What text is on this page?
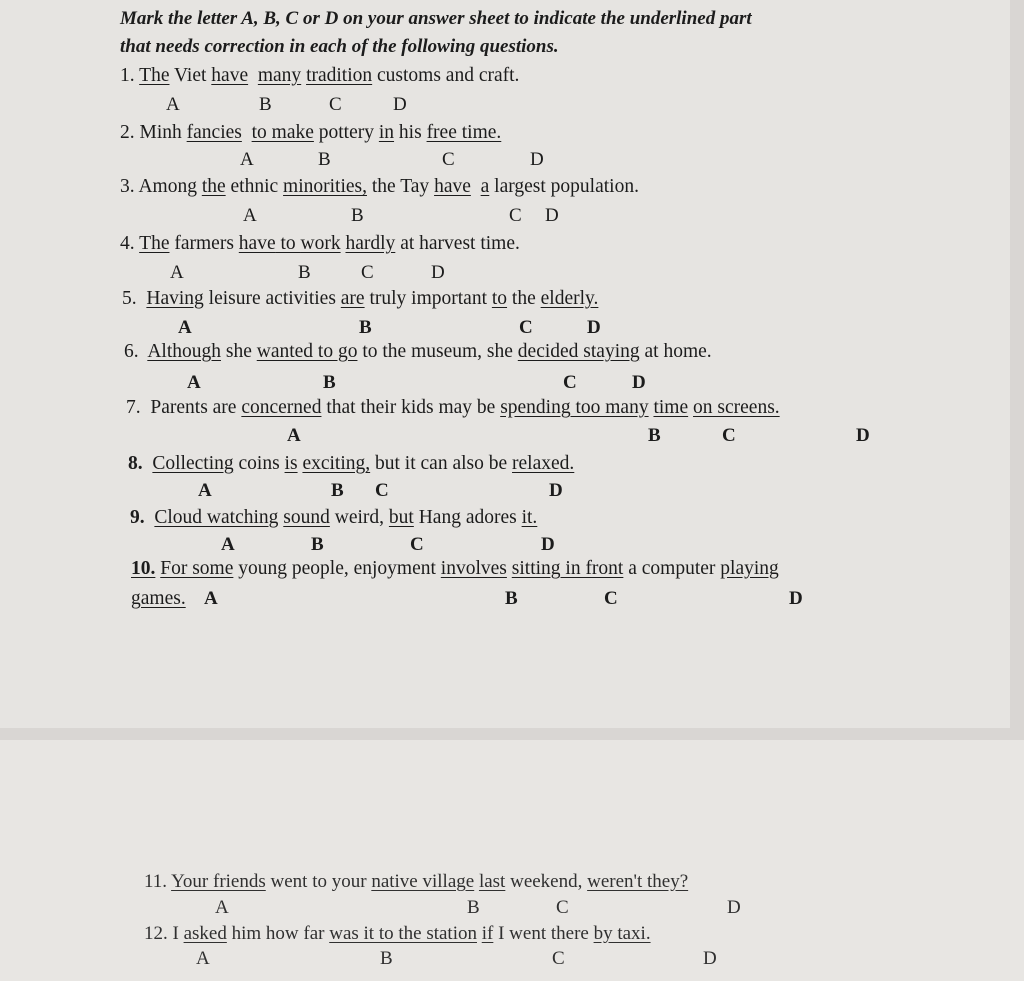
Mark the letter A, B, C or D on your answer sheet to indicate the underlined part

that needs correction in each of the following questions.

1. The Viet have many tradition customs and craft.
A	B	C	D
2. Minh fancies to make pottery in his free time.
A	B	C	D
3. Among the ethnic minorities, the Tay have a largest population.
A	B	C D
4. The farmers have to work hardly at harvest time.
A	B	C	D
5. Having leisure activities are truly important to the elderly.
A	B	C	D
6. Although she wanted to go to the museum, she decided staying at home.
A	B	C	D
7. Parents are concerned that their kids may be spending too many time on screens.
A	B	C	D
8. Collecting coins is exciting, but it can also be relaxed.
A	B C	D
9. Cloud watching sound weird, but Hang adores it.
A	B	C	D
10. For some young people, enjoyment involves sitting in front a computer playing
games. A	B	C	D
11. Your friends went to your native village last weekend, weren't they?
A	B	C	D
12. I asked him how far was it to the station if I went there by taxi.
A	B	C	D
